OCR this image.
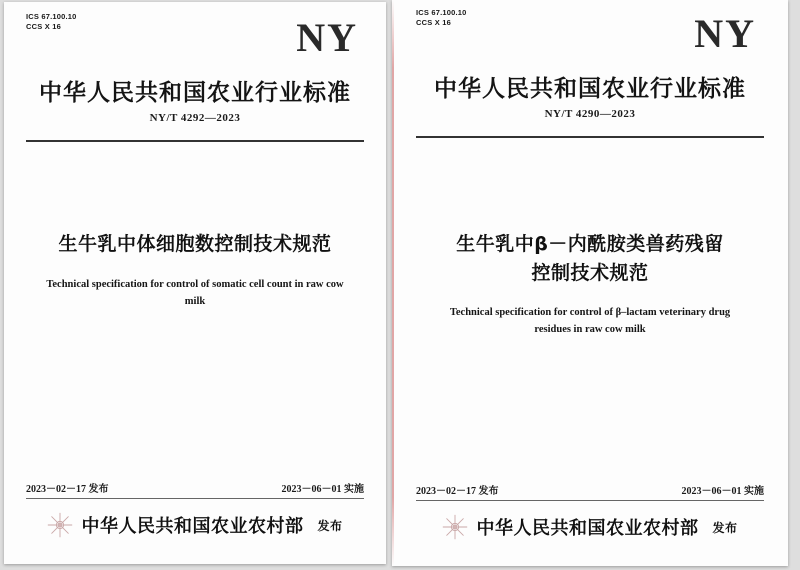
ICS 67.100.10
CCS X 16	NY
中华人民共和国农业行业标准
NY/T 4292—2023
生牛乳中体细胞数控制技术规范
Technical specification for control of somatic cell count in raw cow milk
2023－02－17 发布	2023－06－01 实施
中华人民共和国农业农村部 发布
ICS 67.100.10
CCS X 16	NY
中华人民共和国农业行业标准
NY/T 4290—2023
生牛乳中β－内酰胺类兽药残留
控制技术规范
Technical specification for control of β–lactam veterinary drug
residues in raw cow milk
2023－02－17 发布	2023－06－01 实施
中华人民共和国农业农村部 发布
